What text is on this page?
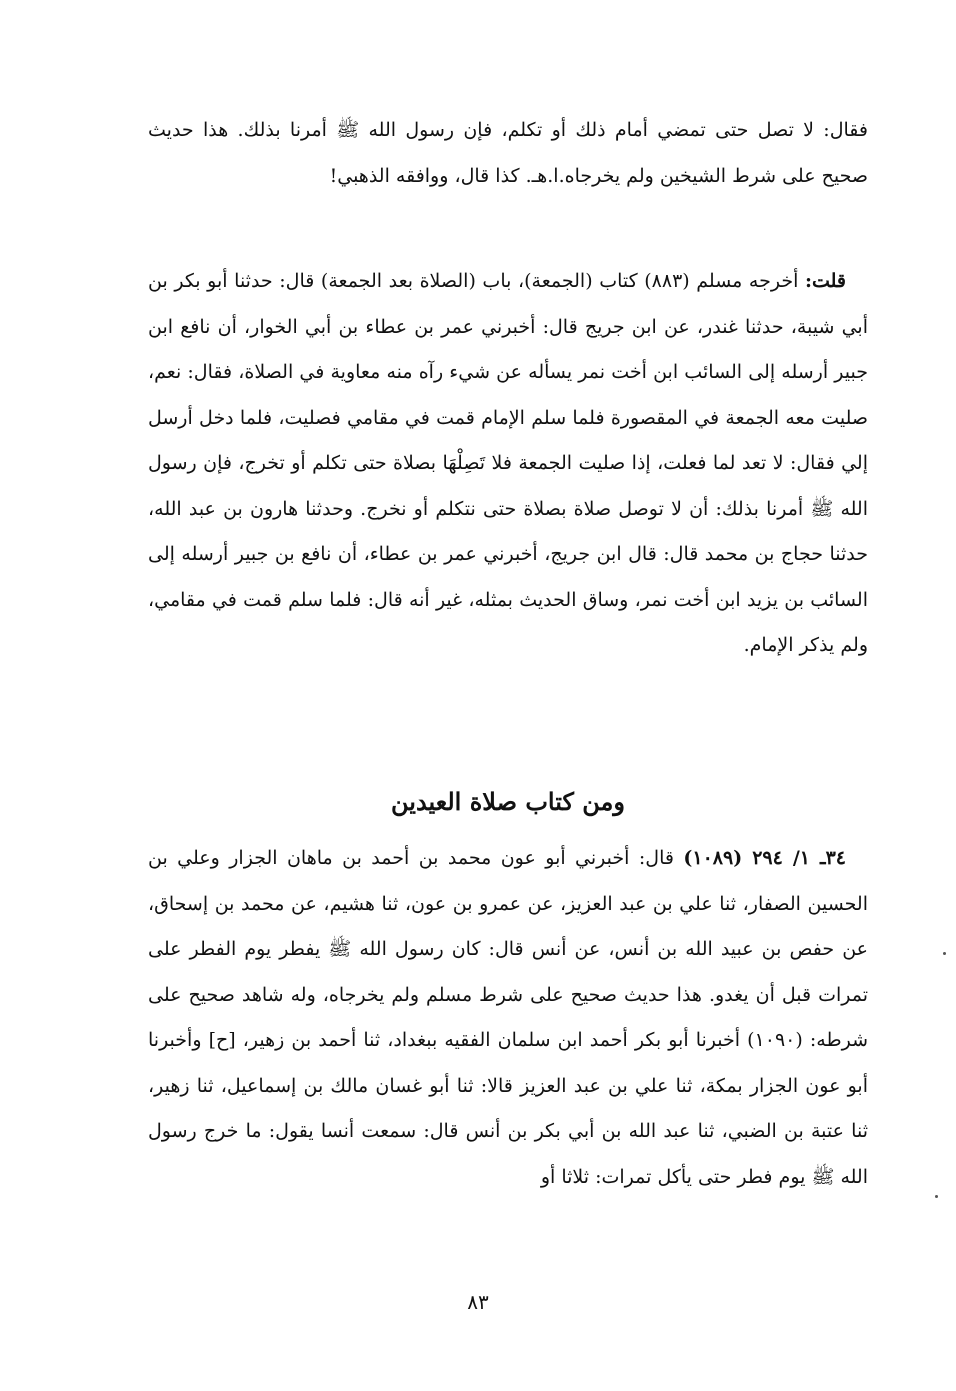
فقال: لا تصل حتى تمضي أمام ذلك أو تكلم، فإن رسول الله ﷺ أمرنا بذلك. هذا حديث صحيح على شرط الشيخين ولم يخرجاه.ا.هـ. كذا قال، ووافقه الذهبي!

قلت: أخرجه مسلم (٨٨٣) كتاب (الجمعة)، باب (الصلاة بعد الجمعة) قال: حدثنا أبو بكر بن أبي شيبة، حدثنا غندر، عن ابن جريج قال: أخبرني عمر بن عطاء بن أبي الخوار، أن نافع ابن جبير أرسله إلى السائب ابن أخت نمر يسأله عن شيء رآه منه معاوية في الصلاة، فقال: نعم، صليت معه الجمعة في المقصورة فلما سلم الإمام قمت في مقامي فصليت، فلما دخل أرسل إلي فقال: لا تعد لما فعلت، إذا صليت الجمعة فلا تَصِلْهَا بصلاة حتى تكلم أو تخرج، فإن رسول الله ﷺ أمرنا بذلك: أن لا توصل صلاة بصلاة حتى نتكلم أو نخرج. وحدثنا هارون بن عبد الله، حدثنا حجاج بن محمد قال: قال ابن جريج، أخبرني عمر بن عطاء، أن نافع بن جبير أرسله إلى السائب بن يزيد ابن أخت نمر، وساق الحديث بمثله، غير أنه قال: فلما سلم قمت في مقامي، ولم يذكر الإمام.

ومن كتاب صلاة العيدين

٣٤ـ ١/ ٢٩٤ (١٠٨٩) قال: أخبرني أبو عون محمد بن أحمد بن ماهان الجزار وعلي بن الحسين الصفار، ثنا علي بن عبد العزيز، عن عمرو بن عون، ثنا هشيم، عن محمد بن إسحاق، عن حفص بن عبيد الله بن أنس، عن أنس قال: كان رسول الله ﷺ يفطر يوم الفطر على تمرات قبل أن يغدو. هذا حديث صحيح على شرط مسلم ولم يخرجاه، وله شاهد صحيح على شرطه: (١٠٩٠) أخبرنا أبو بكر أحمد ابن سلمان الفقيه ببغداد، ثنا أحمد بن زهير، [ح] وأخبرنا أبو عون الجزار بمكة، ثنا علي بن عبد العزيز قالا: ثنا أبو غسان مالك بن إسماعيل، ثنا زهير، ثنا عتبة بن الضبي، ثنا عبد الله بن أبي بكر بن أنس قال: سمعت أنسا يقول: ما خرج رسول الله ﷺ يوم فطر حتى يأكل تمرات: ثلاثا أو

٨٣
